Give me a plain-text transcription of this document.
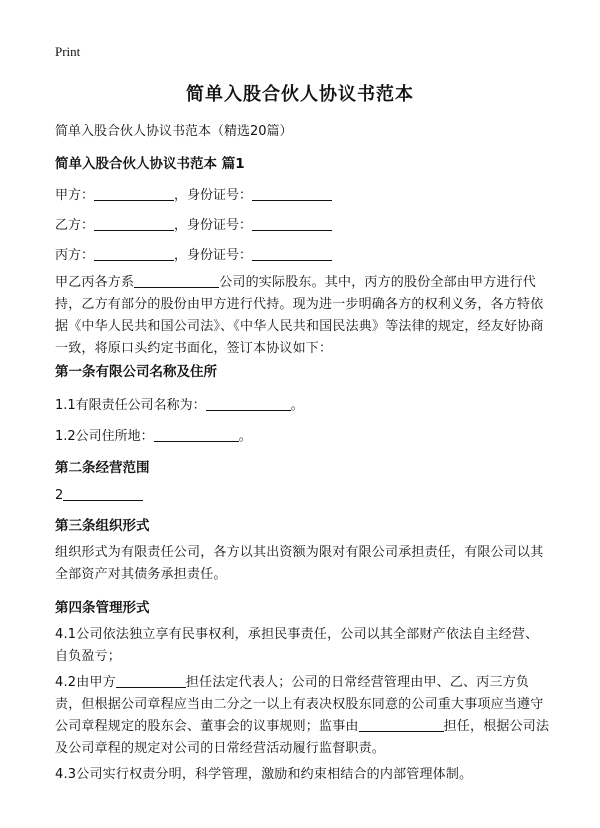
Print
简单入股合伙人协议书范本
简单入股合伙人协议书范本（精选20篇）
简单入股合伙人协议书范本 篇1
甲方：	，身份证号：
乙方：	，身份证号：
丙方：	，身份证号：
甲乙丙各方系	公司的实际股东。其中，丙方的股份全部由甲方进行代持，乙方有部分的股份由甲方进行代持。现为进一步明确各方的权利义务，各方特依据《中华人民共和国公司法》、《中华人民共和国民法典》等法律的规定，经友好协商一致，将原口头约定书面化，签订本协议如下：
第一条有限公司名称及住所
1.1有限责任公司名称为：	。
1.2公司住所地：	。
第二条经营范围
2
第三条组织形式
组织形式为有限责任公司，各方以其出资额为限对有限公司承担责任，有限公司以其全部资产对其债务承担责任。
第四条管理形式
4.1公司依法独立享有民事权利，承担民事责任，公司以其全部财产依法自主经营、自负盈亏；
4.2由甲方	担任法定代表人；公司的日常经营管理由甲、乙、丙三方负责，但根据公司章程应当由二分之一以上有表决权股东同意的公司重大事项应当遵守公司章程规定的股东会、董事会的议事规则；监事由	担任，根据公司法及公司章程的规定对公司的日常经营活动履行监督职责。
4.3公司实行权责分明，科学管理，激励和约束相结合的内部管理体制。
